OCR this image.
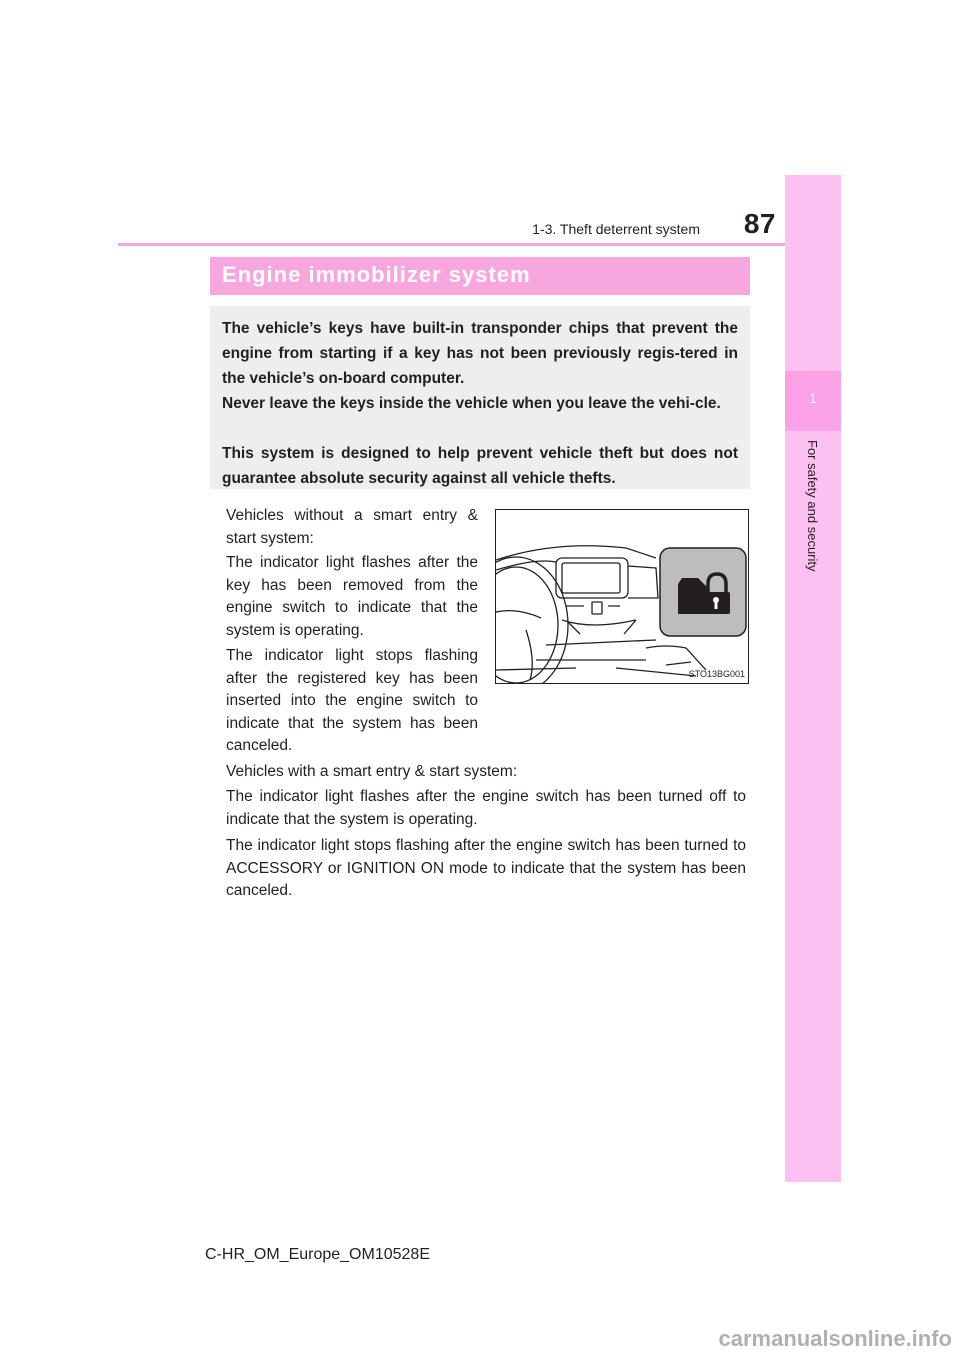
1-3. Theft deterrent system	87
1
For safety and security
Engine immobilizer system

The vehicle’s keys have built-in transponder chips that prevent the engine from starting if a key has not been previously regis-tered in the vehicle’s on-board computer.

Never leave the keys inside the vehicle when you leave the vehi-cle.

This system is designed to help prevent vehicle theft but does not guarantee absolute security against all vehicle thefts.

Vehicles without a smart entry & start system:

The indicator light flashes after the key has been removed from the engine switch to indicate that the system is operating.

The indicator light stops flashing after the registered key has been inserted into the engine switch to indicate that the system has been canceled.

Vehicles with a smart entry & start system:

The indicator light flashes after the engine switch has been turned off to indicate that the system is operating.

The indicator light stops flashing after the engine switch has been turned to ACCESSORY or IGNITION ON mode to indicate that the system has been canceled.

STO13BG001
C-HR_OM_Europe_OM10528E
carmanualsonline.info
